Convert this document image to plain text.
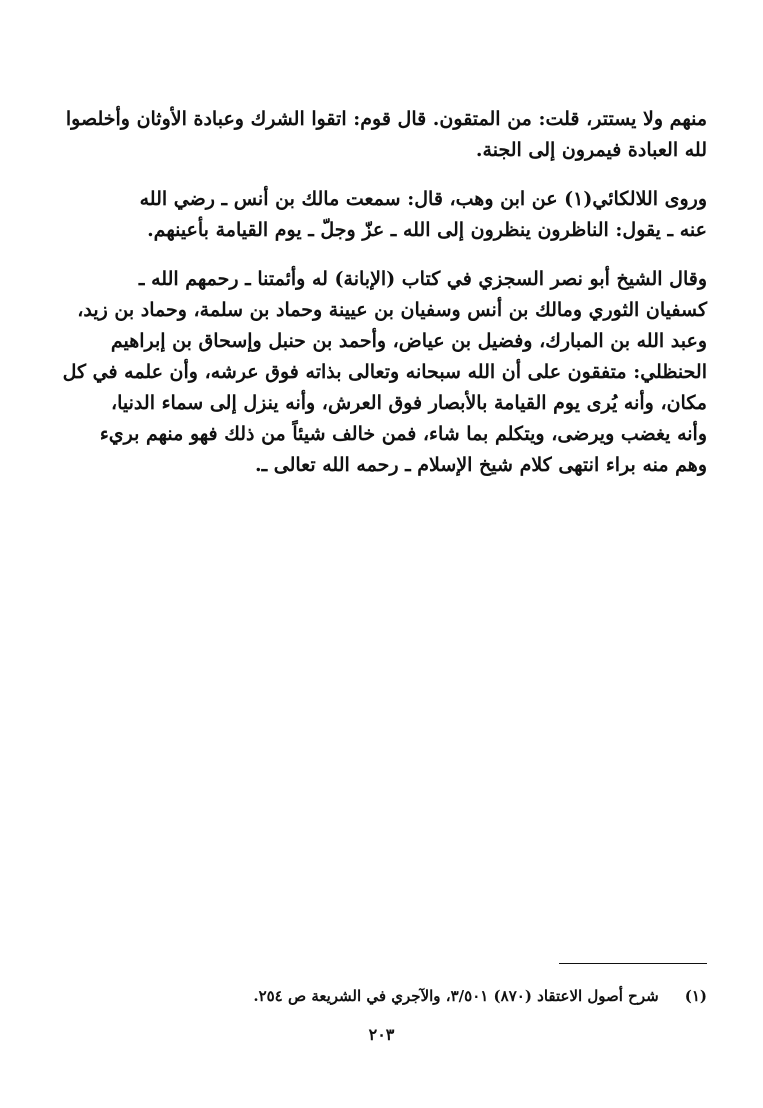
منهم ولا يستتر، قلت: من المتقون. قال قوم: اتقوا الشرك وعبادة الأوثان وأخلصوا

لله العبادة فيمرون إلى الجنة.

وروى اللالكائي(١) عن ابن وهب، قال: سمعت مالك بن أنس ـ رضي الله

عنه ـ يقول: الناظرون ينظرون إلى الله ـ عزّ وجلّ ـ يوم القيامة بأعينهم.

وقال الشيخ أبو نصر السجزي في كتاب (الإبانة) له وأئمتنا ـ رحمهم الله ـ

كسفيان الثوري ومالك بن أنس وسفيان بن عيينة وحماد بن سلمة، وحماد بن زيد،

وعبد الله بن المبارك، وفضيل بن عياض، وأحمد بن حنبل وإسحاق بن إبراهيم

الحنظلي: متفقون على أن الله سبحانه وتعالى بذاته فوق عرشه، وأن علمه في كل

مكان، وأنه يُرى يوم القيامة بالأبصار فوق العرش، وأنه ينزل إلى سماء الدنيا،

وأنه يغضب ويرضى، ويتكلم بما شاء، فمن خالف شيئاً من ذلك فهو منهم بريء

وهم منه براء انتهى كلام شيخ الإسلام ـ رحمه الله تعالى ـ.

(١)شرح أصول الاعتقاد (٨٧٠) ٣/٥٠١، والآجري في الشريعة ص ٢٥٤.
٢٠٣
